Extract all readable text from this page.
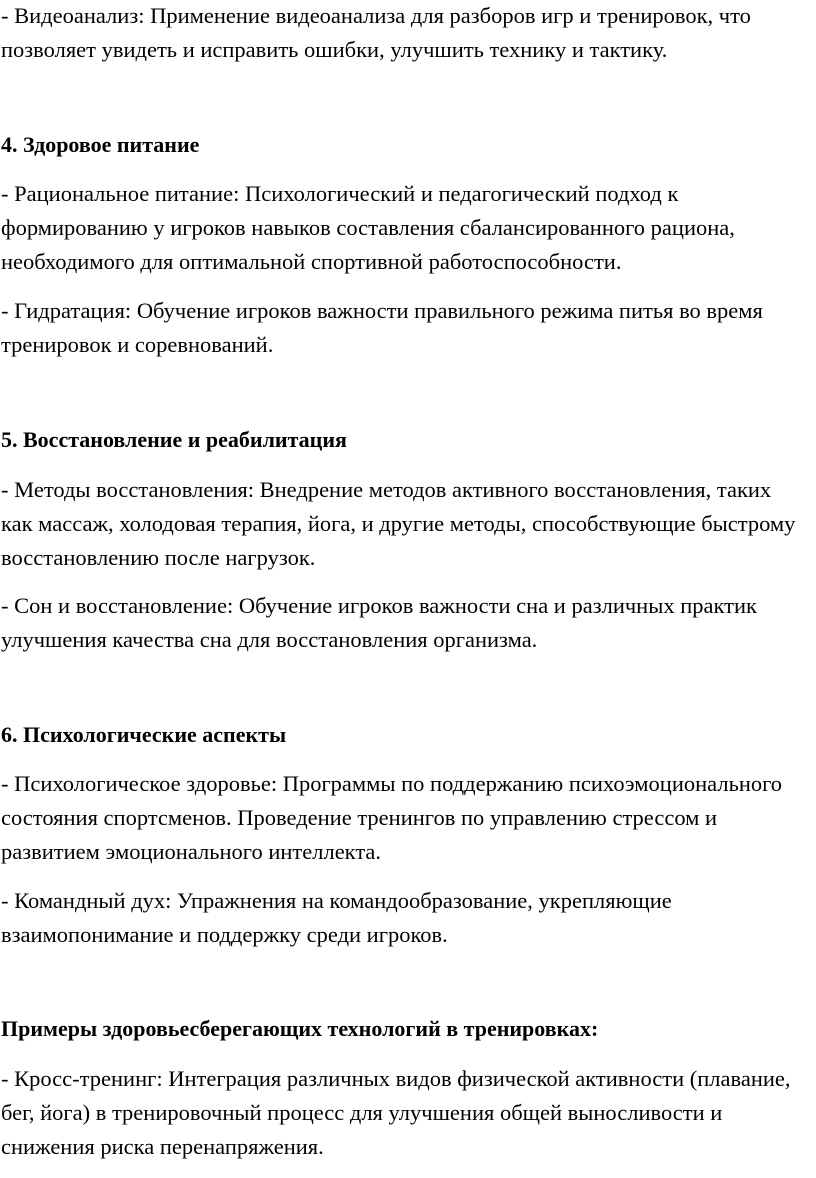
- Видеоанализ: Применение видеоанализа для разборов игр и тренировок, что позволяет увидеть и исправить ошибки, улучшить технику и тактику.

4. Здоровое питание

- Рациональное питание: Психологический и педагогический подход к формированию у игроков навыков составления сбалансированного рациона, необходимого для оптимальной спортивной работоспособности.

- Гидратация: Обучение игроков важности правильного режима питья во время тренировок и соревнований.

5. Восстановление и реабилитация

- Методы восстановления: Внедрение методов активного восстановления, таких как массаж, холодовая терапия, йога, и другие методы, способствующие быстрому восстановлению после нагрузок.

- Сон и восстановление: Обучение игроков важности сна и различных практик улучшения качества сна для восстановления организма.

6. Психологические аспекты

- Психологическое здоровье: Программы по поддержанию психоэмоционального состояния спортсменов. Проведение тренингов по управлению стрессом и развитием эмоционального интеллекта.

- Командный дух: Упражнения на командообразование, укрепляющие взаимопонимание и поддержку среди игроков.

Примеры здоровьесберегающих технологий в тренировках:

- Кросс-тренинг: Интеграция различных видов физической активности (плавание, бег, йога) в тренировочный процесс для улучшения общей выносливости и снижения риска перенапряжения.
